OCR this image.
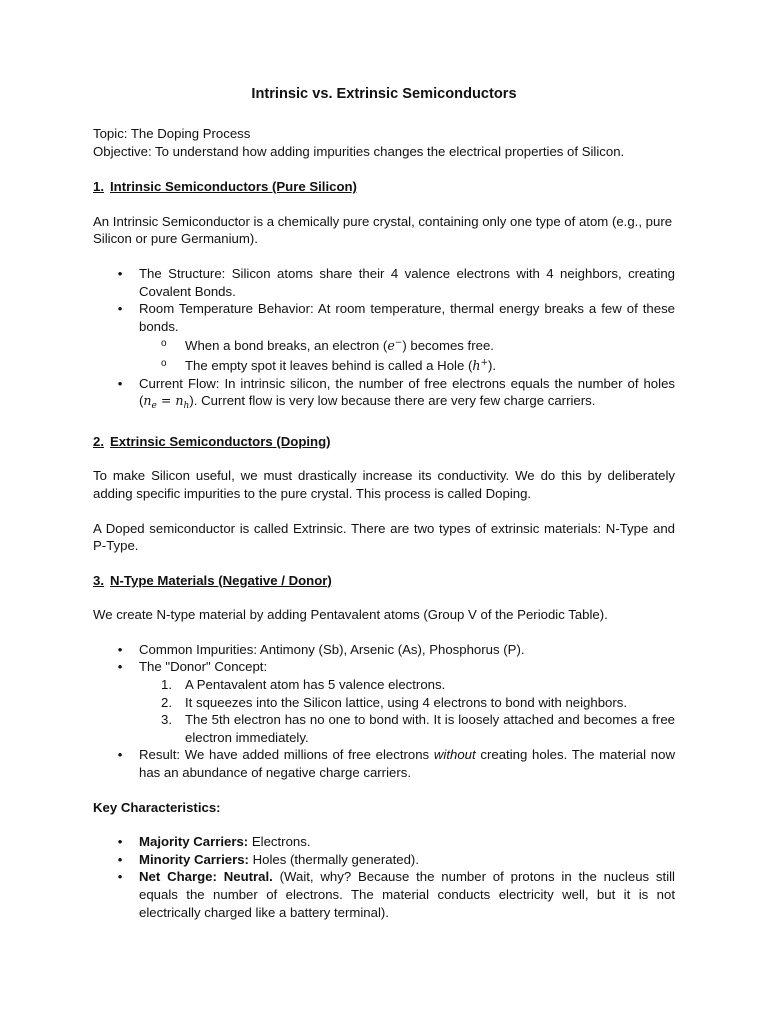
Intrinsic vs. Extrinsic Semiconductors

Topic: The Doping Process

Objective: To understand how adding impurities changes the electrical properties of Silicon.

1. Intrinsic Semiconductors (Pure Silicon)

An Intrinsic Semiconductor is a chemically pure crystal, containing only one type of atom (e.g., pure Silicon or pure Germanium).

• The Structure: Silicon atoms share their 4 valence electrons with 4 neighbors, creating Covalent Bonds.
• Room Temperature Behavior: At room temperature, thermal energy breaks a few of these bonds.
o When a bond breaks, an electron (e−) becomes free.
o The empty spot it leaves behind is called a Hole (h+).
• Current Flow: In intrinsic silicon, the number of free electrons equals the number of holes $(n_e = n_h)$. Current flow is very low because there are very few charge carriers.

2. Extrinsic Semiconductors (Doping)

To make Silicon useful, we must drastically increase its conductivity. We do this by deliberately adding specific impurities to the pure crystal. This process is called Doping.

A Doped semiconductor is called Extrinsic. There are two types of extrinsic materials: N-Type and P-Type.

3. N-Type Materials (Negative / Donor)

We create N-type material by adding Pentavalent atoms (Group V of the Periodic Table).

• Common Impurities: Antimony (Sb), Arsenic (As), Phosphorus (P).
• The "Donor" Concept:
1. A Pentavalent atom has 5 valence electrons.
2. It squeezes into the Silicon lattice, using 4 electrons to bond with neighbors.
3. The 5th electron has no one to bond with. It is loosely attached and becomes a free electron immediately.
• Result: We have added millions of free electrons without creating holes. The material now has an abundance of negative charge carriers.

Key Characteristics:

• Majority Carriers: Electrons.
• Minority Carriers: Holes (thermally generated).
• Net Charge: Neutral. (Wait, why? Because the number of protons in the nucleus still equals the number of electrons. The material conducts electricity well, but it is not electrically charged like a battery terminal).
